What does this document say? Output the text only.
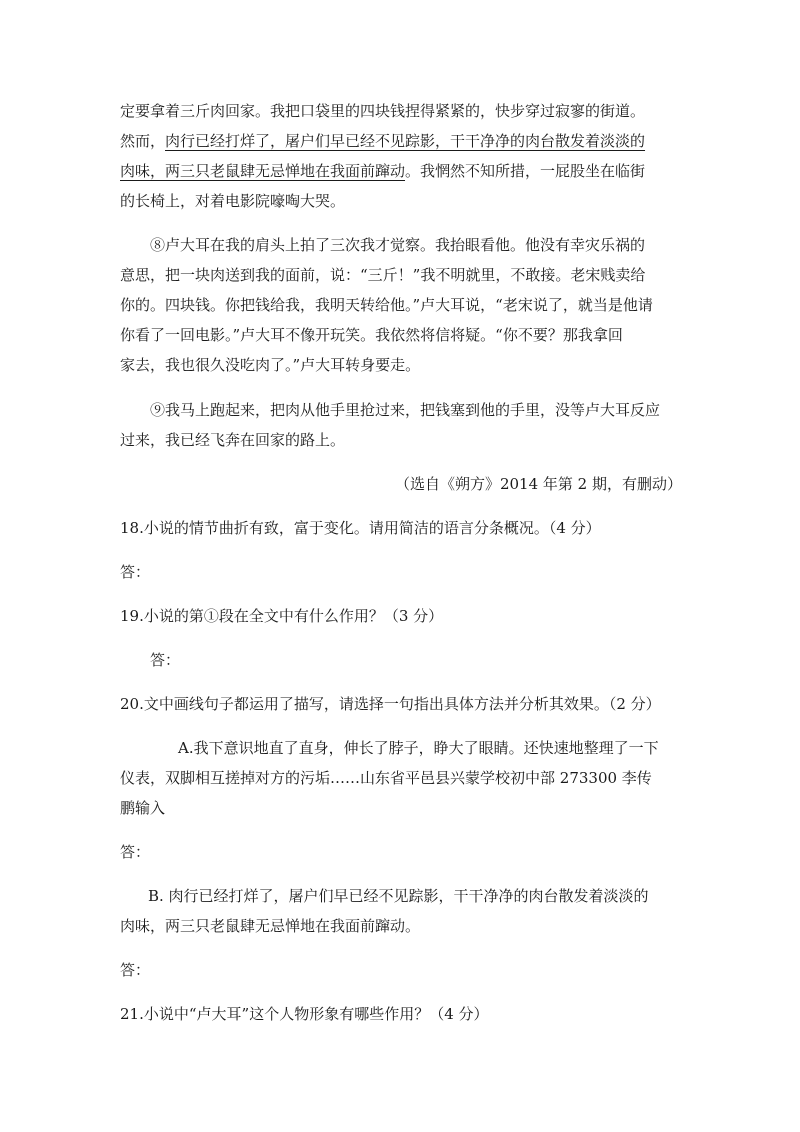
定要拿着三斤肉回家。我把口袋里的四块钱捏得紧紧的，快步穿过寂寥的街道。
然而，肉行已经打烊了，屠户们早已经不见踪影，干干净净的肉台散发着淡淡的
肉味，两三只老鼠肆无忌惮地在我面前蹿动。我惘然不知所措，一屁股坐在临街
的长椅上，对着电影院嚎啕大哭。
⑧卢大耳在我的肩头上拍了三次我才觉察。我抬眼看他。他没有幸灾乐祸的
意思，把一块肉送到我的面前，说：“三斤！”我不明就里，不敢接。老宋贱卖给
你的。四块钱。你把钱给我，我明天转给他。”卢大耳说，“老宋说了，就当是他请
你看了一回电影。”卢大耳不像开玩笑。我依然将信将疑。“你不要？那我拿回
家去，我也很久没吃肉了。”卢大耳转身要走。
⑨我马上跑起来，把肉从他手里抢过来，把钱塞到他的手里，没等卢大耳反应
过来，我已经飞奔在回家的路上。
（选自《朔方》2014 年第 2 期，有删动）
18.小说的情节曲折有致，富于变化。请用简洁的语言分条概况。（4 分）
答：
19.小说的第①段在全文中有什么作用？（3 分）
答：
20.文中画线句子都运用了描写，请选择一句指出具体方法并分析其效果。（2 分）
A.我下意识地直了直身，伸长了脖子，睁大了眼睛。还快速地整理了一下
仪表，双脚相互搓掉对方的污垢……山东省平邑县兴蒙学校初中部 273300 李传
鹏输入
答：
B. 肉行已经打烊了，屠户们早已经不见踪影，干干净净的肉台散发着淡淡的
肉味，两三只老鼠肆无忌惮地在我面前蹿动。
答：
21.小说中“卢大耳”这个人物形象有哪些作用？（4 分）
